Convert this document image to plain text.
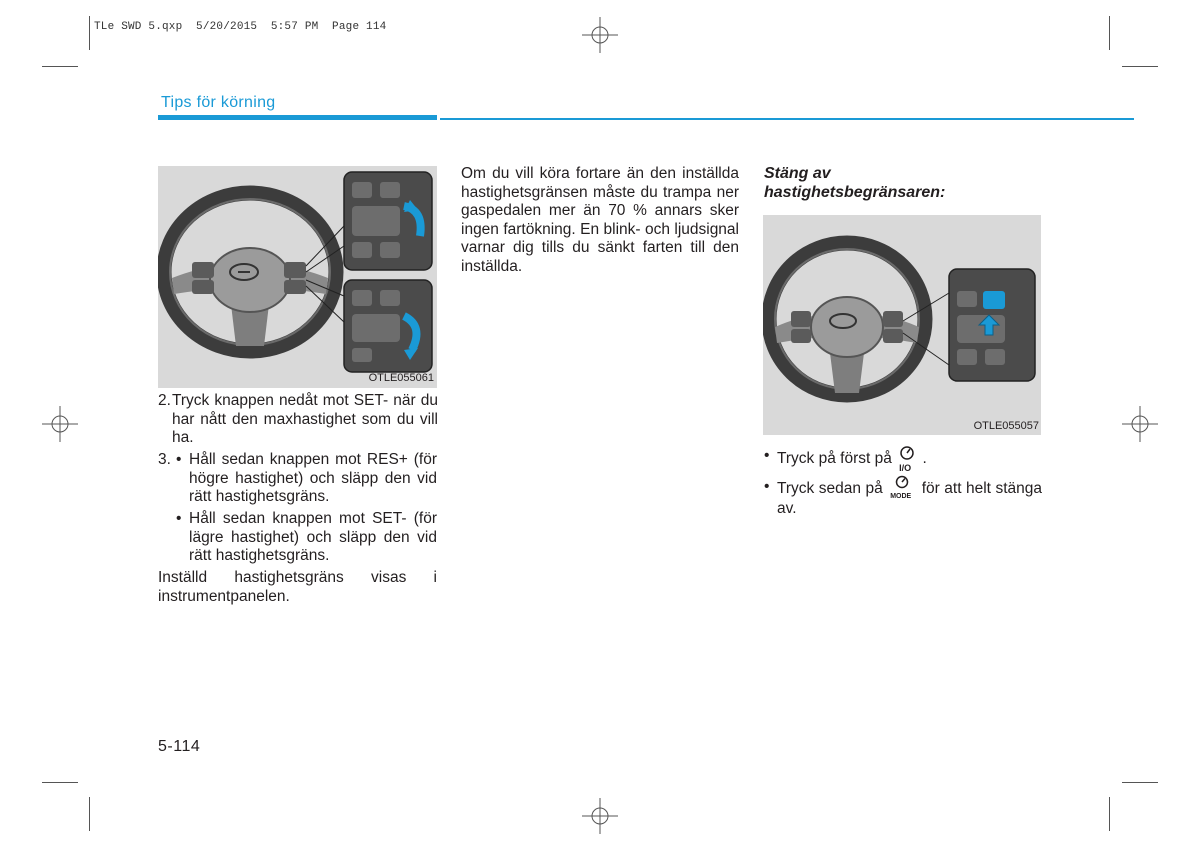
TLe SWD 5.qxp  5/20/2015  5:57 PM  Page 114
Tips för körning
OTLE055061
2. Tryck knappen nedåt mot SET- när du har nått den maxhastighet som du vill ha.
3. • Håll sedan knappen mot RES+ (för högre hastighet) och släpp den vid rätt hastighetsgräns.
• Håll sedan knappen mot SET- (för lägre hastighet) och släpp den vid rätt hastighetsgräns.
Inställd hastighetsgräns visas i instrumentpanelen.
Om du vill köra fortare än den inställda hastighetsgränsen måste du trampa ner gaspedalen mer än 70 % annars sker ingen fartökning. En blink- och ljudsignal varnar dig tills du sänkt farten till den inställda.
Stäng av
hastighetsbegränsaren:
OTLE055057
• Tryck på först på
I/O
.
• Tryck sedan på MODE för att helt stänga av.
5-114
